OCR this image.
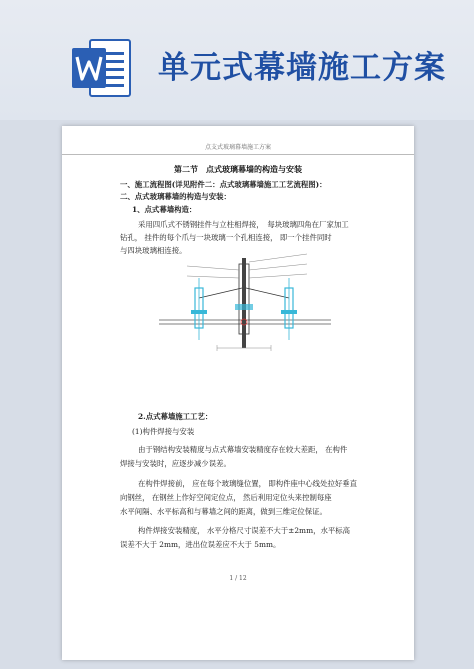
单元式幕墙施工方案
点支式玻璃幕墙施工方案
第二节　点式玻璃幕墙的构造与安装
一、施工流程图(详见附件二：点式玻璃幕墙施工工艺流程图)：
二、点式玻璃幕墙的构造与安装：
1、点式幕墙构造：
采用四爪式不锈钢挂件与立柱相焊接，　每块玻璃四角在厂家加工
钻孔， 挂件的每个爪与一块玻璃一个孔相连接， 即一个挂件同时
与四块玻璃相连接。
2.点式幕墙施工工艺：
(1)构件焊接与安装
由于钢结构安装精度与点式幕墙安装精度存在较大差距， 在构件
焊接与安装时，应逐步减少误差。
在构件焊接前， 应在每个玻璃缝位置， 即构件座中心线处拉好垂直
向钢丝， 在钢丝上作好空间定位点， 然后利用定位头来控制每座
水平间隔、水平标高和与幕墙之间的距离，做到三维定位保证。
构件焊接安装精度， 水平分格尺寸误差不大于±2mm，水平标高
误差不大于 2mm，进出位误差应不大于 5mm。
1 / 12
